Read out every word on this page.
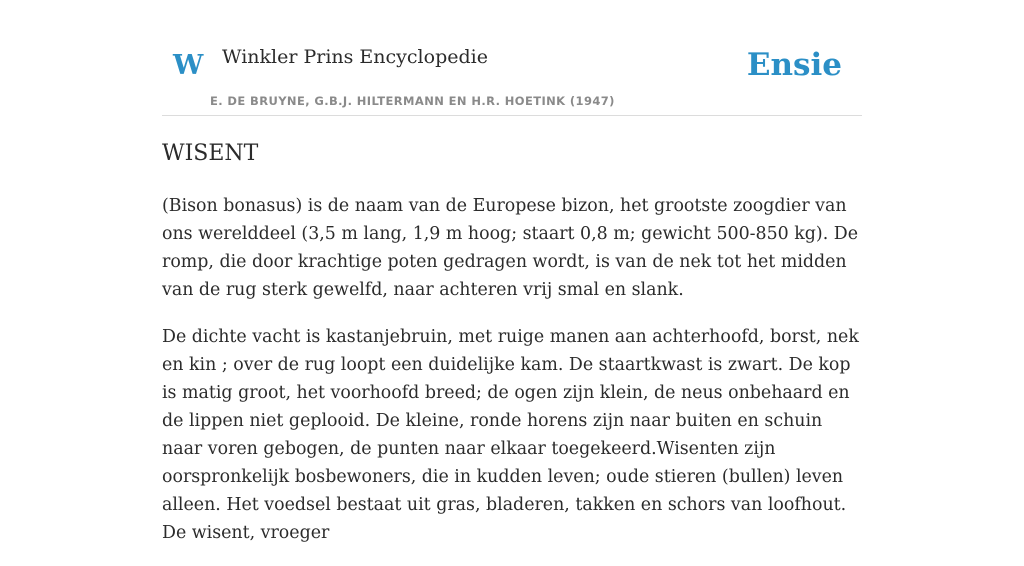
W Winkler Prins Encyclopedie
E. DE BRUYNE, G.B.J. HILTERMANN EN H.R. HOETINK (1947)
Ensie
WISENT

(Bison bonasus) is de naam van de Europese bizon, het grootste zoogdier van ons werelddeel (3,5 m lang, 1,9 m hoog; staart 0,8 m; gewicht 500-850 kg). De romp, die door krachtige poten gedragen wordt, is van de nek tot het midden van de rug sterk gewelfd, naar achteren vrij smal en slank.

De dichte vacht is kastanjebruin, met ruige manen aan achterhoofd, borst, nek en kin ; over de rug loopt een duidelijke kam. De staartkwast is zwart. De kop is matig groot, het voorhoofd breed; de ogen zijn klein, de neus onbehaard en de lippen niet geplooid. De kleine, ronde horens zijn naar buiten en schuin naar voren gebogen, de punten naar elkaar toegekeerd.Wisenten zijn oorspronkelijk bosbewoners, die in kudden leven; oude stieren (bullen) leven alleen. Het voedsel bestaat uit gras, bladeren, takken en schors van loofhout. De wisent, vroeger
